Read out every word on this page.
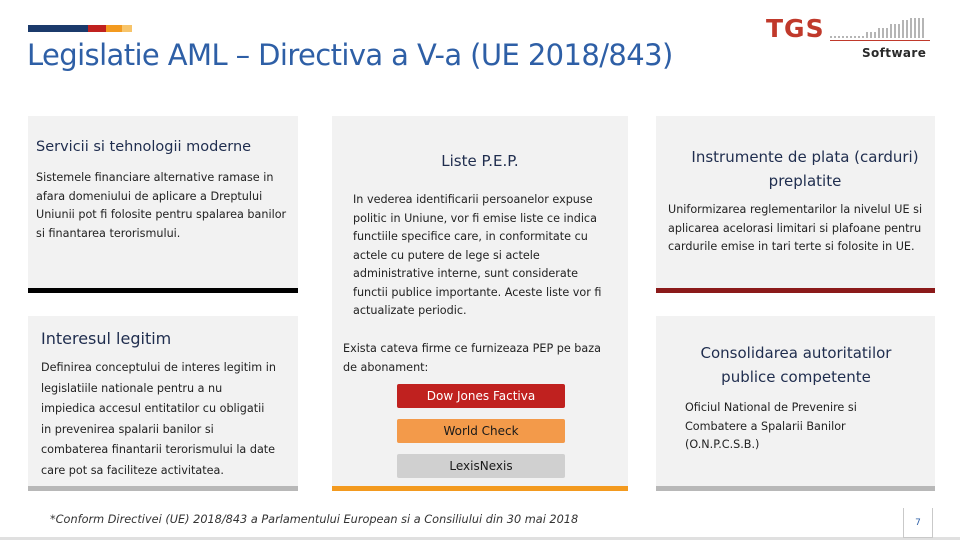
Legislatie AML – Directiva a V-a (UE 2018/843)
TGS
Software
Servicii si tehnologii moderne
Sistemele financiare alternative ramase in afara domeniului de aplicare a Dreptului Uniunii pot fi folosite pentru spalarea banilor si finantarea terorismului.
Interesul legitim
Definirea conceptului de interes legitim in legislatiile nationale pentru a nu impiedica accesul entitatilor cu obligatii in prevenirea spalarii banilor si combaterea finantarii terorismului la date care pot sa faciliteze activitatea.
Liste P.E.P.
In vederea identificarii persoanelor expuse politic in Uniune, vor fi emise liste ce indica functiile specifice care, in conformitate cu actele cu putere de lege si actele administrative interne, sunt considerate functii publice importante. Aceste liste vor fi actualizate periodic.
Exista cateva firme ce furnizeaza PEP pe baza de abonament:
Dow Jones Factiva
World Check
LexisNexis
Instrumente de plata (carduri) preplatite
Uniformizarea reglementarilor la nivelul UE si aplicarea acelorasi limitari si plafoane pentru cardurile emise in tari terte si folosite in UE.
Consolidarea autoritatilor publice competente
Oficiul National de Prevenire si Combatere a Spalarii Banilor (O.N.P.C.S.B.)
*Conform Directivei (UE) 2018/843 a Parlamentului European si a Consiliului din 30 mai 2018	7
